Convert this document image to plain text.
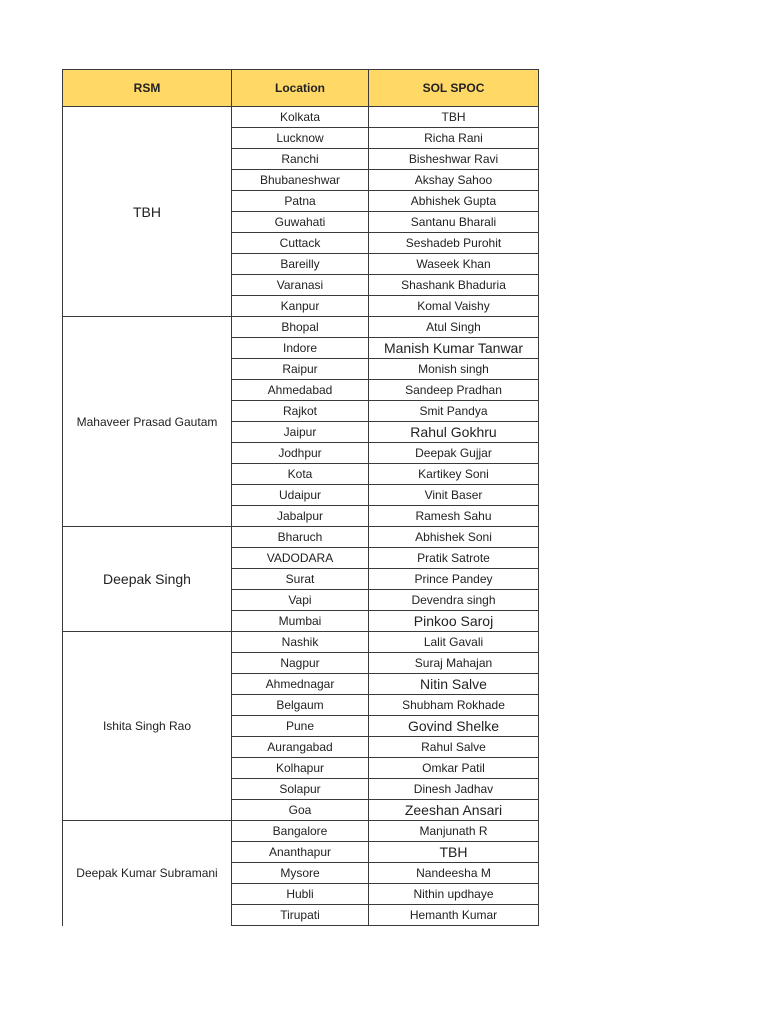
RSM	Location	SOL SPOC
TBH	Kolkata	TBH
	Lucknow	Richa Rani
	Ranchi	Bisheshwar Ravi
	Bhubaneshwar	Akshay Sahoo
	Patna	Abhishek Gupta
	Guwahati	Santanu Bharali
	Cuttack	Seshadeb Purohit
	Bareilly	Waseek Khan
	Varanasi	Shashank Bhaduria
	Kanpur	Komal Vaishy
Mahaveer Prasad Gautam	Bhopal	Atul Singh
	Indore	Manish Kumar Tanwar
	Raipur	Monish singh
	Ahmedabad	Sandeep Pradhan
	Rajkot	Smit Pandya
	Jaipur	Rahul Gokhru
	Jodhpur	Deepak Gujjar
	Kota	Kartikey Soni
	Udaipur	Vinit Baser
	Jabalpur	Ramesh Sahu
Deepak Singh	Bharuch	Abhishek Soni
	VADODARA	Pratik Satrote
	Surat	Prince Pandey
	Vapi	Devendra singh
	Mumbai	Pinkoo Saroj
Ishita Singh Rao	Nashik	Lalit Gavali
	Nagpur	Suraj Mahajan
	Ahmednagar	Nitin Salve
	Belgaum	Shubham Rokhade
	Pune	Govind Shelke
	Aurangabad	Rahul Salve
	Kolhapur	Omkar Patil
	Solapur	Dinesh Jadhav
	Goa	Zeeshan Ansari
Deepak Kumar Subramani	Bangalore	Manjunath R
	Ananthapur	TBH
	Mysore	Nandeesha M
	Hubli	Nithin updhaye
	Tirupati	Hemanth Kumar
